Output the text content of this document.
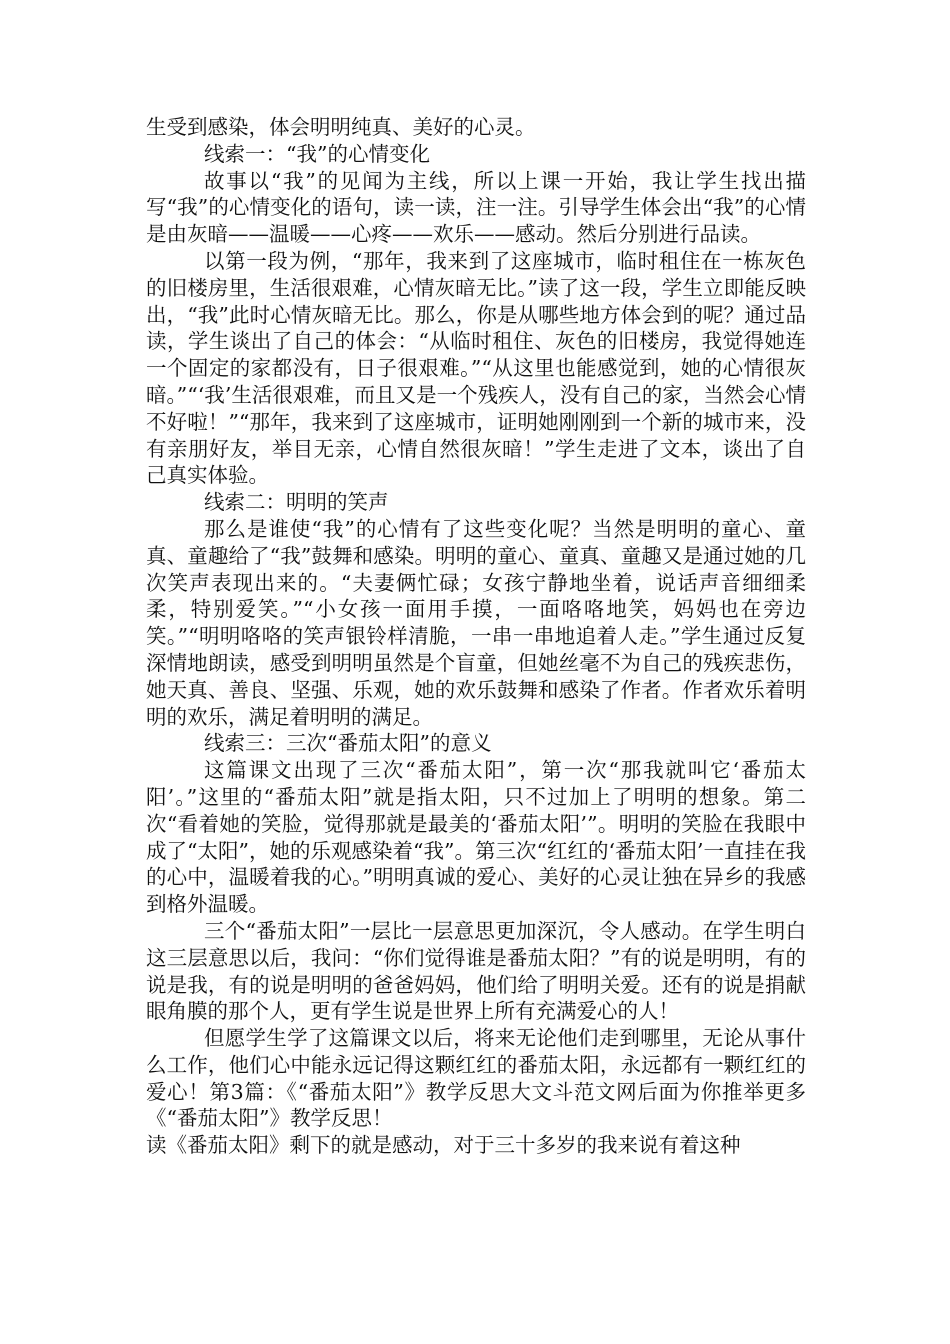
生受到感染，体会明明纯真、美好的心灵。

线索一：“我”的心情变化

故事以“我”的见闻为主线，所以上课一开始，我让学生找出描写“我”的心情变化的语句，读一读，注一注。引导学生体会出“我”的心情是由灰暗——温暖——心疼——欢乐——感动。然后分别进行品读。

以第一段为例，“那年，我来到了这座城市，临时租住在一栋灰色的旧楼房里，生活很艰难，心情灰暗无比。”读了这一段，学生立即能反映出，“我”此时心情灰暗无比。那么，你是从哪些地方体会到的呢？通过品读，学生谈出了自己的体会：“从临时租住、灰色的旧楼房，我觉得她连一个固定的家都没有，日子很艰难。”“从这里也能感觉到，她的心情很灰暗。”“‘我’生活很艰难，而且又是一个残疾人，没有自己的家，当然会心情不好啦！”“那年，我来到了这座城市，证明她刚刚到一个新的城市来，没有亲朋好友，举目无亲，心情自然很灰暗！”学生走进了文本，谈出了自己真实体验。

线索二：明明的笑声

那么是谁使“我”的心情有了这些变化呢？当然是明明的童心、童真、童趣给了“我”鼓舞和感染。明明的童心、童真、童趣又是通过她的几次笑声表现出来的。“夫妻俩忙碌；女孩宁静地坐着，说话声音细细柔柔，特别爱笑。”“小女孩一面用手摸，一面咯咯地笑，妈妈也在旁边笑。”“明明咯咯的笑声银铃样清脆，一串一串地追着人走。”学生通过反复深情地朗读，感受到明明虽然是个盲童，但她丝毫不为自己的残疾悲伤，她天真、善良、坚强、乐观，她的欢乐鼓舞和感染了作者。作者欢乐着明明的欢乐，满足着明明的满足。

线索三：三次“番茄太阳”的意义

这篇课文出现了三次“番茄太阳”，第一次“那我就叫它‘番茄太阳’。”这里的“番茄太阳”就是指太阳，只不过加上了明明的想象。第二次“看着她的笑脸，觉得那就是最美的‘番茄太阳’”。明明的笑脸在我眼中成了“太阳”，她的乐观感染着“我”。第三次“红红的‘番茄太阳’一直挂在我的心中，温暖着我的心。”明明真诚的爱心、美好的心灵让独在异乡的我感到格外温暖。

三个“番茄太阳”一层比一层意思更加深沉，令人感动。在学生明白这三层意思以后，我问：“你们觉得谁是番茄太阳？”有的说是明明，有的说是我，有的说是明明的爸爸妈妈，他们给了明明关爱。还有的说是捐献眼角膜的那个人，更有学生说是世界上所有充满爱心的人！

但愿学生学了这篇课文以后，将来无论他们走到哪里，无论从事什么工作，他们心中能永远记得这颗红红的番茄太阳，永远都有一颗红红的爱心！第3篇：《“番茄太阳”》教学反思大文斗范文网后面为你推举更多《“番茄太阳”》教学反思！

读《番茄太阳》剩下的就是感动，对于三十多岁的我来说有着这种
